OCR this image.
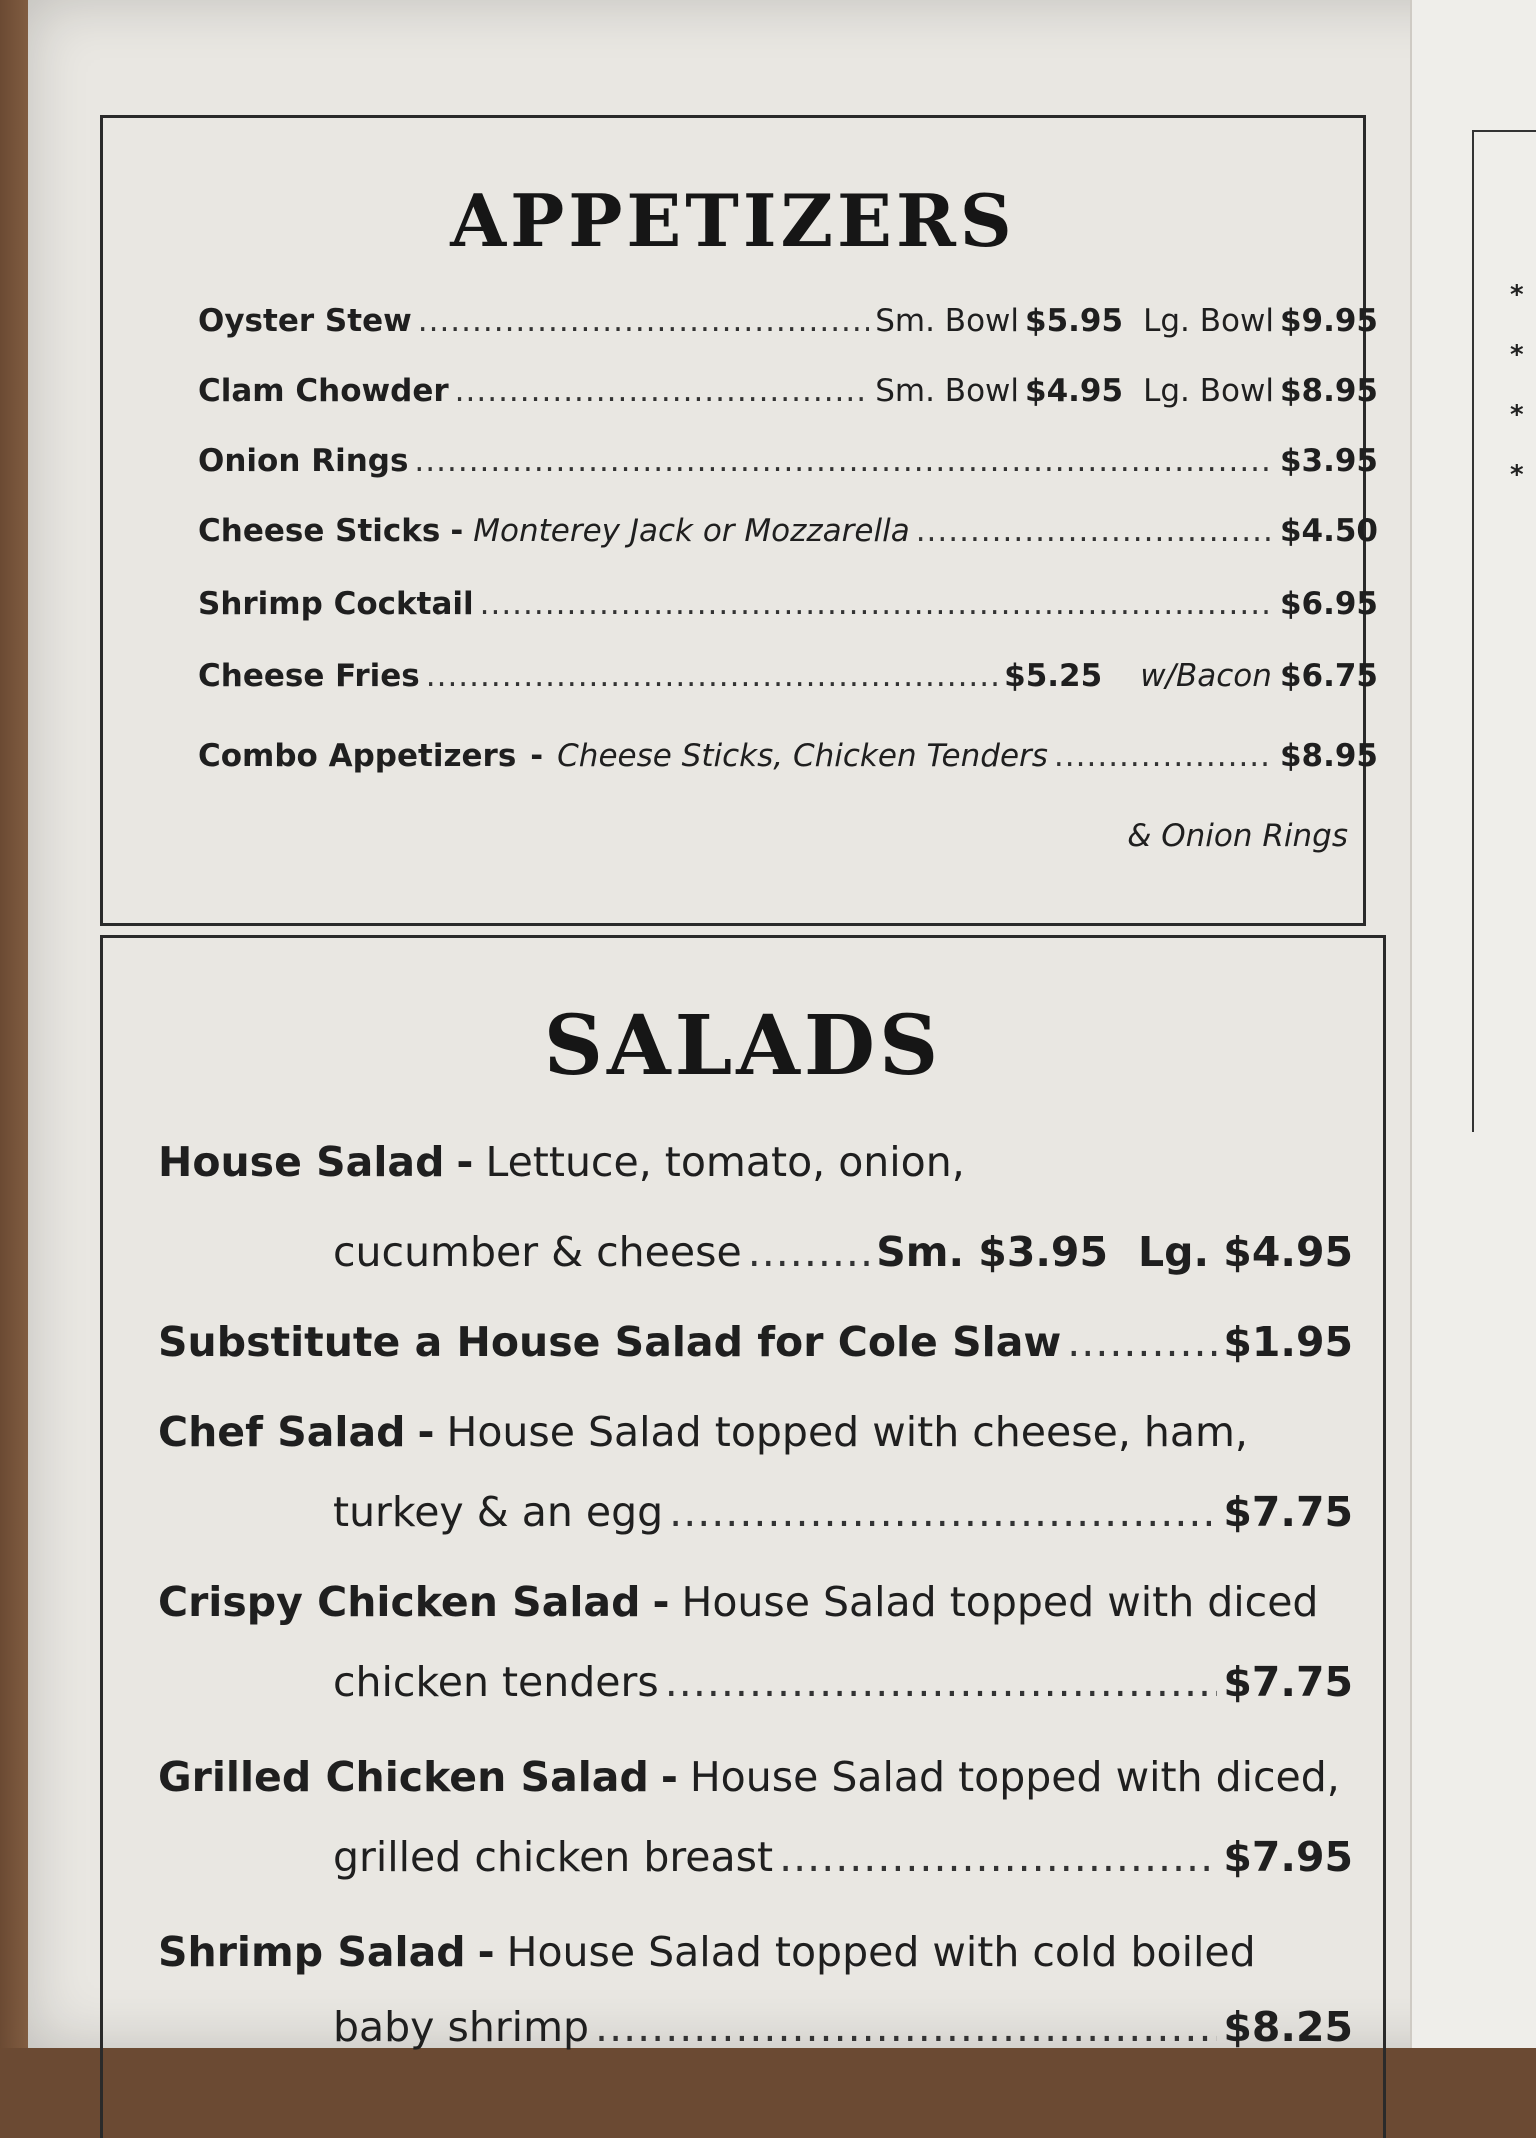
*
*
*
*
APPETIZERS
Oyster Stew .....	Sm. Bowl $5.95 Lg. Bowl $9.95
Clam Chowder .....	Sm. Bowl $4.95 Lg. Bowl $8.95
Onion Rings .....	$3.95
Cheese Sticks - Monterey Jack or Mozzarella .....	$4.50
Shrimp Cocktail .....	$6.95
Cheese Fries .....	$5.25 w/Bacon $6.75
Combo Appetizers - Cheese Sticks, Chicken Tenders .....	$8.95
& Onion Rings
SALADS
House Salad - Lettuce, tomato, onion,
cucumber & cheese .....	Sm. $3.95 Lg. $4.95
Substitute a House Salad for Cole Slaw .....	$1.95
Chef Salad - House Salad topped with cheese, ham,
turkey & an egg .....	$7.75
Crispy Chicken Salad - House Salad topped with diced
chicken tenders .....	$7.75
Grilled Chicken Salad - House Salad topped with diced,
grilled chicken breast .....	$7.95
Shrimp Salad - House Salad topped with cold boiled
baby shrimp .....	$8.25
